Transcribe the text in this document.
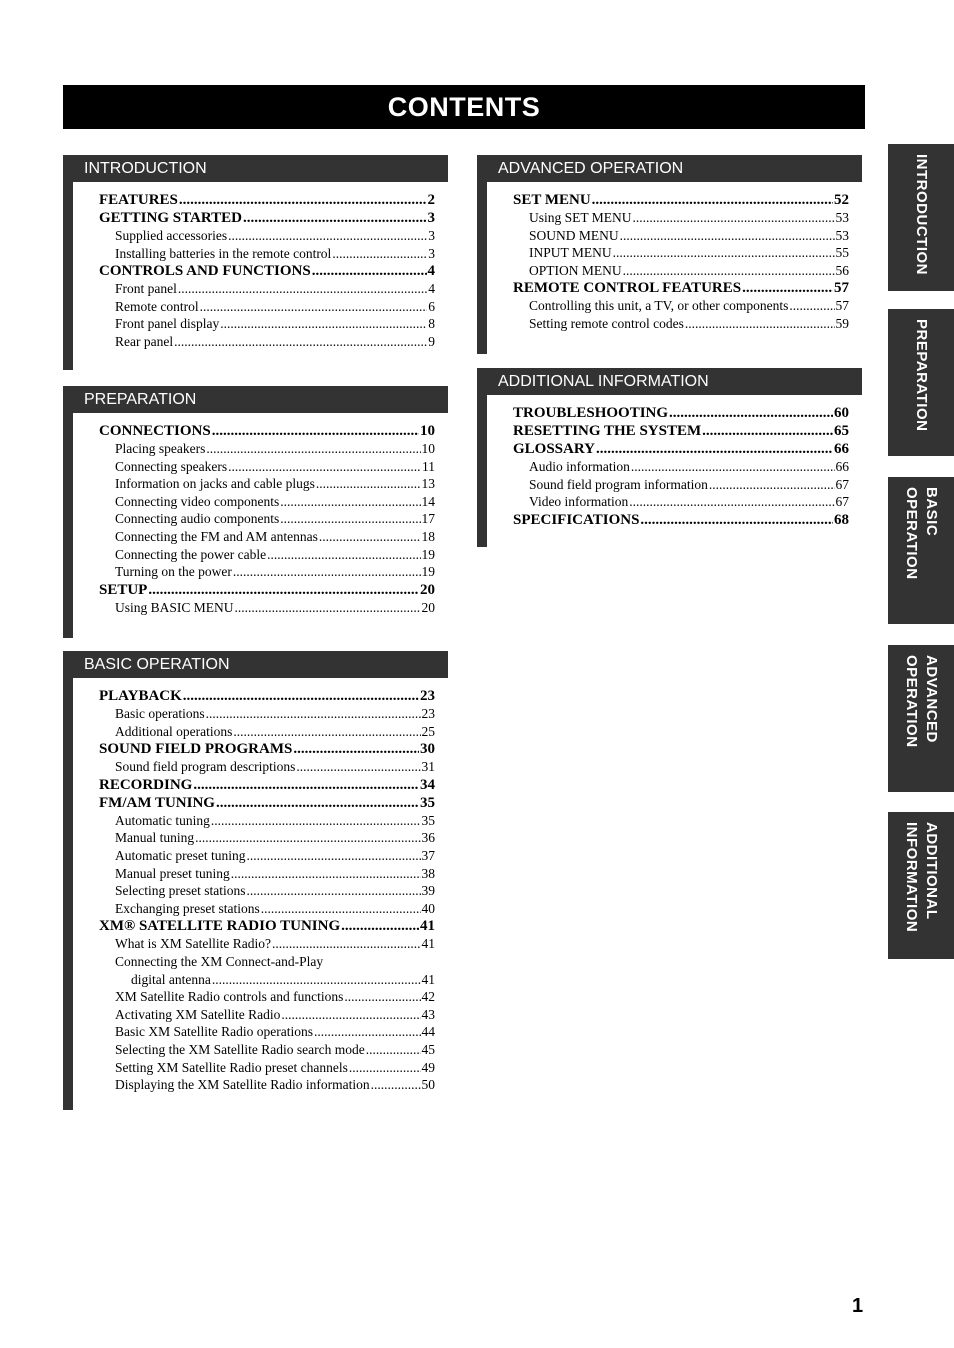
CONTENTS
INTRODUCTION
FEATURES .....	2
GETTING STARTED .....	3
Supplied accessories .....	3
Installing batteries in the remote control .....	3
CONTROLS AND FUNCTIONS .....	4
Front panel .....	4
Remote control .....	6
Front panel display .....	8
Rear panel .....	9
PREPARATION
CONNECTIONS .....	10
Placing speakers .....	10
Connecting speakers .....	11
Information on jacks and cable plugs .....	13
Connecting video components .....	14
Connecting audio components .....	17
Connecting the FM and AM antennas .....	18
Connecting the power cable .....	19
Turning on the power .....	19
SETUP .....	20
Using BASIC MENU .....	20
BASIC OPERATION
PLAYBACK .....	23
Basic operations .....	23
Additional operations .....	25
SOUND FIELD PROGRAMS .....	30
Sound field program descriptions .....	31
RECORDING .....	34
FM/AM TUNING .....	35
Automatic tuning .....	35
Manual tuning .....	36
Automatic preset tuning .....	37
Manual preset tuning .....	38
Selecting preset stations .....	39
Exchanging preset stations .....	40
XM® SATELLITE RADIO TUNING .....	41
What is XM Satellite Radio? .....	41
Connecting the XM Connect-and-Play
digital antenna .....	41
XM Satellite Radio controls and functions .....	42
Activating XM Satellite Radio .....	43
Basic XM Satellite Radio operations .....	44
Selecting the XM Satellite Radio search mode .....	45
Setting XM Satellite Radio preset channels .....	49
Displaying the XM Satellite Radio information .....	50
ADVANCED OPERATION
SET MENU .....	52
Using SET MENU .....	53
SOUND MENU .....	53
INPUT MENU .....	55
OPTION MENU .....	56
REMOTE CONTROL FEATURES .....	57
Controlling this unit, a TV, or other components .....	57
Setting remote control codes .....	59
ADDITIONAL INFORMATION
TROUBLESHOOTING .....	60
RESETTING THE SYSTEM .....	65
GLOSSARY .....	66
Audio information .....	66
Sound field program information .....	67
Video information .....	67
SPECIFICATIONS .....	68
INTRODUCTION
PREPARATION
BASIC OPERATION
ADVANCED OPERATION
ADDITIONAL INFORMATION
1
